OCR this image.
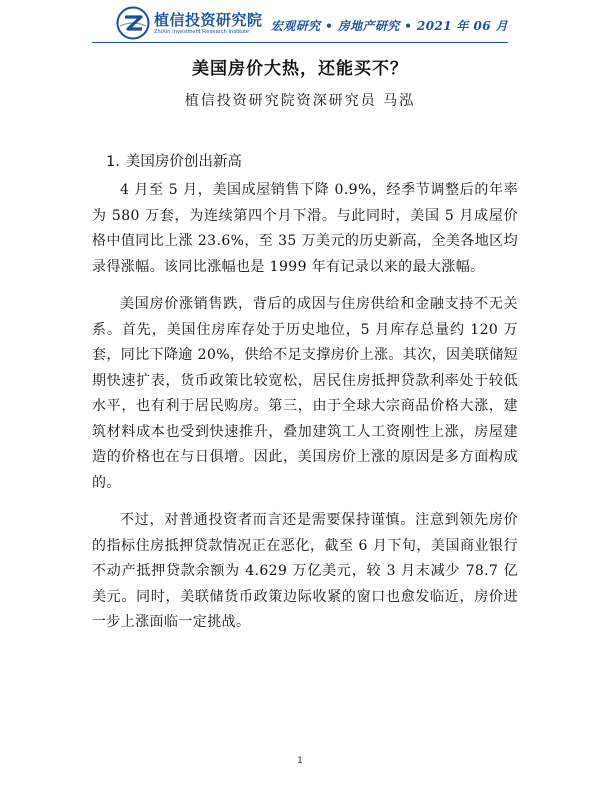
植信投资研究院
ZhiXin Investment Research Institute	宏观研究 • 房地产研究 • 2021 年 06 月
美国房价大热，还能买不？
植信投资研究院资深研究员 马泓
1. 美国房价创出新高

4 月至 5 月，美国成屋销售下降 0.9%，经季节调整后的年率为 580 万套，为连续第四个月下滑。与此同时，美国 5 月成屋价格中值同比上涨 23.6%，至 35 万美元的历史新高，全美各地区均录得涨幅。该同比涨幅也是 1999 年有记录以来的最大涨幅。

美国房价涨销售跌，背后的成因与住房供给和金融支持不无关系。首先，美国住房库存处于历史地位，5 月库存总量约 120 万套，同比下降逾 20%，供给不足支撑房价上涨。其次，因美联储短期快速扩表，货币政策比较宽松，居民住房抵押贷款利率处于较低水平，也有利于居民购房。第三，由于全球大宗商品价格大涨，建筑材料成本也受到快速推升，叠加建筑工人工资刚性上涨，房屋建造的价格也在与日俱增。因此，美国房价上涨的原因是多方面构成的。

不过，对普通投资者而言还是需要保持谨慎。注意到领先房价的指标住房抵押贷款情况正在恶化，截至 6 月下旬，美国商业银行不动产抵押贷款余额为 4.629 万亿美元，较 3 月末减少 78.7 亿美元。同时，美联储货币政策边际收紧的窗口也愈发临近，房价进一步上涨面临一定挑战。

1
